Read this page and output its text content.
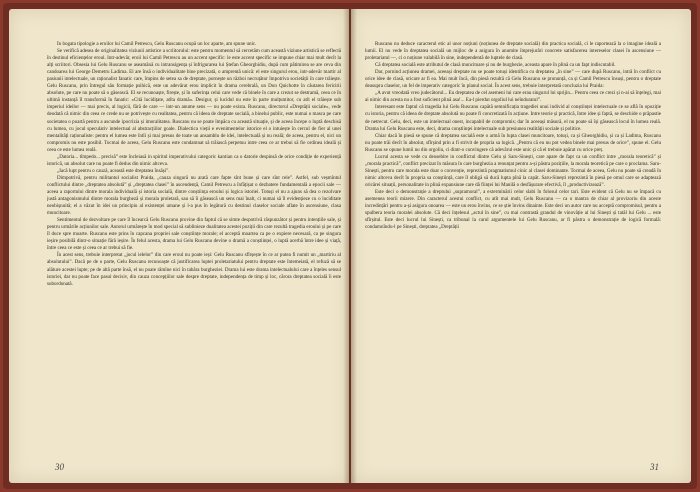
În bogata tipologie a eroilor lui Camil Petrescu, Gelu Ruscanu ocupă un loc aparte, am spune unic.

Se verifică adesea de originalitatea viziunii artistice a scriitorului: este pentru momentul să cercetăm cum această viziune artistică se reflectă în destinul eficiențelor eroul. Intr-adevăr, eroii lui Camil Petrescu au un accent specific: le este accent specific se impune chiar mai mult decît la alți scriitori. Obsesia lui Gelu Ruscanu se aseamănă cu intransigența și înfrigurarea lui Ștefan Gheorghidiu, după cum pătimirea se are ceva din candoarea lui George Demetru Ladima. El are însă o individualitate bine precizată, o amprentă unică: el este singurul erou, intr-adevăr martir al pasiunii intelectuale, un raționalist fanatic care, împins de setea sa de dreptate, pornește un război necruțător împotriva societății în care trăiește. Gelu Ruscanu, prin întregul său formație psihică, este un adevărat erou implicit în drama cerebrală, un Don Quichotte în căutarea fericirii absolute, pe care nu poate să o găsească. El se recunoaște, firește, și în suferința celui care vede că binele în care a crezut se destramă, ceea ce în ultimă instanță îl transformă în fanatic: «Cită lucidițate, atîta dramă». Desigur, și lucidul nu este în parte mulțumitor, cu atît el trăiește sub imperiul ideilor — mai precis, al logicii, fără de care — intr-un anume sens — nu poate exista. Ruscanu, directorul «Dreptății sociale», vede deodată că nimic din ceea ce crede nu se potrivește cu realitatea, pentru că ideea de dreptate socială, a binelui public, este numai o masca pe care societatea o poartă pentru a ascunde ipocrizia și imoralitatea. Ruscanu nu se poate împăca cu această situație, și de aceea începe o luptă deschisă cu lumea, cu jocul speculativ intelectual al abstracțiilor goale. Dialectica vieții e evenimentelor istorice el o intuiește în cercul de fier al unei mentalități raționaliste: pentru el lumea este întîi și mai presus de toate un ansamblu de idei, intelectuală și nu reală; de aceea, pentru el, nici un compromis nu este posibil. Tocmai de aceea, Gelu Ruscanu este condamnat să trăiască perpetuu intre ceea ce ar trebui să fie ordinea ideală și ceea ce este lumea reală.

„Datoria... tîmpedo... precisă” este încleiasă in spiritul imperativului categoric kantian ca o datorie despinsă de orice condiție de experiență istorică, un absolut care nu poate fi dedus din nimic altceva.

„Iacă lupt pentru o cauză, această este dreptatea însăși”.

Dimpotrivă, pentru militantul socialist Praida, „cauza singură nu arată care fapte sînt bune și care sînt rele”. Astfel, sub veșmîntul conflictului dintre „dreptatea absolută” și „dreptatea clasei” în ascendență, Camil Petrescu a înfățișat o dezbatere fundamentală a epocii sale — aceea a raportului dintre morala individuală și istoria socială, dintre conștiința eroului și logica istoriei. Totuși el nu a ajuns să dea o rezolvare justă antagonismului dintre morala burgheză și morala proletară, sau să îi găsească un sens mai înalt, ci numai să îl evidențieze cu o luciditate neobișnuită; el a văzut în idei un principiu al existenței umane și l-a pus în legătură cu destinul claselor sociale aflate în ascensiune, clasa muncitoare.

Sentimentul de dezvoltare pe care îl încearcă Gelu Ruscanu provine din faptul că se simte despotrivă răspunzător și pentru intențiile sale, și pentru urmările acțiunilor sale. Autorul urmărește în mod special să sublinieze dualitatea acestei poziții din care rezultă tragedia eroului și pe care îl duce spre moarte. Ruscanu este prins în capcana propriei sale conștiințe morale; el acceptă moartea ca pe o expiere necesară, ca pe singura ieșire posibilă dintr-o situație fără ieșire. În felul acesta, drama lui Gelu Ruscanu devine o dramă a conștiinței, o luptă acerbă între idee și viață, între ceea ce este și ceea ce ar trebui să fie.

În acest sens, trebuie interpretat „jocul ielelor” din care eroul nu poate ieși: Gelu Ruscanu sfîrșește în ce ar putea fi numit un „martiriu al absolutului”. Dacă pe de o parte, Gelu Ruscanu recunoaște că justificarea luptei proletariatului pentru dreptate este întemeiată, el refuză să se alăture acestei lupte; pe de altă parte însă, el nu poate rămîne nici în tabăra burgheziei. Drama lui este drama intelectualului care a înțeles sensul istoriei, dar nu poate face pasul decisiv, din cauza concepțiilor sale despre dreptate, independența de timp și loc, cărora dreptatea socială îi este subordonată.

30

Ruscanu nu deduce caracterul etic al unor noțiuni (noțiunea de dreptate socială) din practica socială, ci le raportează la o imagine ideală a lumii. El nu vede în dreptatea socială un mijloc de a asigura în anumite împrejurări concrete satisfacerea intereselor clasei în ascensiune — proletariatul —, ci o noțiune valabilă în sine, independentă de luptele de clasă.

Că dreptatea socială este atributul de clasă muncitoare și nu de burghezie, aceasta apare în plină ca un fapt indiscutabil.

Dar, pornind acțiunea dramei, aceeași dreptate nu se poate totuși identifica cu dreptatea „în sine” — care după Ruscanu, intră în conflict cu orice idee de clasă, oricare ar fi ea. Mai mult încă, din piesă rezultă că Gelu Ruscanu se pronunță, ca și Camil Petrescu însuși, pentru o dreptate deasupra claselor, un fel de imperativ categoric în planul social. În acest sens, trebuie interpretată concluzia lui Praida:

„A avut vreodată vreo judecătorul... Eu dreptatea de cel asemeni lui care erau singurul lui sprijin... Pentru ceea ce crezi și n-ai să înțelegi, mai ai nimic din acesta nu a fost suficient plină asa!... Ea-l pierdut orgoliul lui neînduratul”.

Interesant este faptul că tragedia lui Gelu Ruscanu capătă semnificația tragediei unui individ al conștiinței intelectuale ce se află în opoziție cu istoria, pentru că ideea de dreptate absolută nu poate fi concretizată în acțiune. Intre teorie și practică, între idee și faptă, se deschide o prăpastie de netrecut. Gelu, deci, este un intelectual onest, incapabil de compromis; dar în aceeași măsură, el nu poate să își găsească locul în lumea reală. Drama lui Gelu Ruscanu este, deci, drama conștiinței intelectuale sub presiunea realității sociale și politice.

Chiar dacă în piesă se spune că dreptatea socială este o armă în lupta clasei muncitoare, totuși, ca și Gheorghidiu, și ca și Ladima, Ruscanu nu poate trăi decît în absolut, sfîrșind prin a fi strivit de propria sa logică. „Pentru că eu nu pot vedea binele mai presus de orice”, spune el. Gelu Ruscanu se opune lumii nu din orgoliu, ci dintr-o convingere că adevărul este unic și că el trebuie apărat cu orice preț.

Lucrul acesta se vede cu deosebire in conflictul dintre Gelu și Saru-Sinești, care apare de fapt ca un conflict intre „morala teoretică” și „morala practică”, conflict precizat în măsura în care burghezia a renunțat pentru a-și păstra pozițiile, la morala teoretică pe care o proclama. Saru-Sinești, pentru care morala este doar o convenție, reprezintă pragmatismul cinic al clasei dominante. Tocmai de aceea, Gelu nu poate să creadă în nimic altceva decît în propria sa conștiință, care îl obligă să ducă lupta pînă la capăt. Saru-Sinești reprezintă în piesă pe omul care se adaptează oricărei situații, personalitate in plină expansiune care dă ființei lui Manilă o desfășurare efectivă, îl „productivizează”.

Este deci o demonstrație a dreptului „supramoral”, a exterminării celor slabi în folosul celor tari. Este evident că Gelu nu se împacă cu asemenea teorii mizere. Din caracterul acestui conflict, cu atît mai mult, Gelu Ruscanu — ca o mantra de chiar al provizoriu din aceste incredințări pentru a-și asigura onoarea — este un erou învins, ce se știe învins dinainte. Este deci un autor care nu acceptă compromisul, pentru a spulbera teoria moralei absolute. Că deci înțelesul „actul în sine”, cu mai contrastă grandul de vinovăție al lui Sinești și tatăl lui Gelu ... este sfîrșitul. Este deci lucrul lui Sinești, ca tribunal la carul argumentele lui Gelu Ruscanu, ar fi păstra o demonstrație de logică formală: condamnîndu-l pe Sinești, dreptatea „Dreptății

31
